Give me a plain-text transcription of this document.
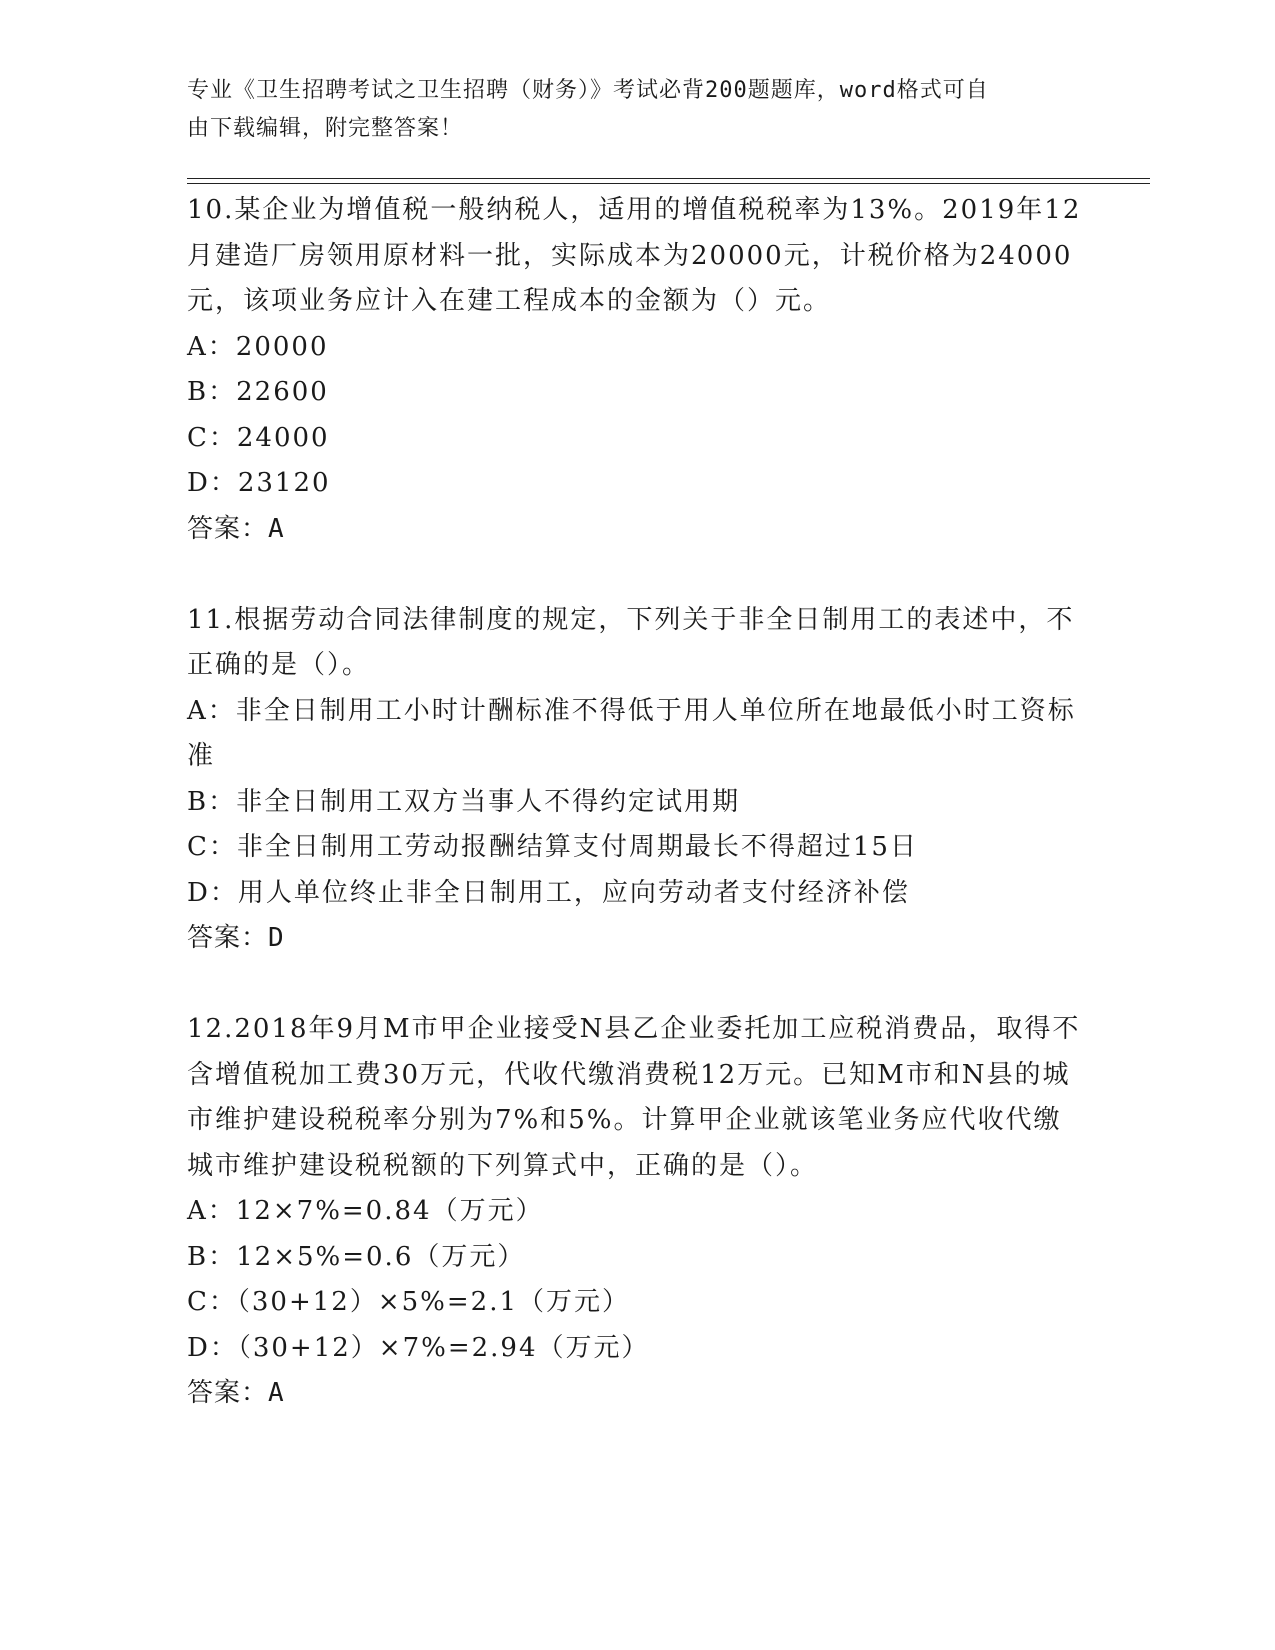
专业《卫生招聘考试之卫生招聘（财务）》考试必背200题题库，word格式可自
由下载编辑，附完整答案！

10.某企业为增值税一般纳税人，适用的增值税税率为13%。2019年12月建造厂房领用原材料一批，实际成本为20000元，计税价格为24000元，该项业务应计入在建工程成本的金额为（）元。

A：20000

B：22600

C：24000

D：23120

答案：A

11.根据劳动合同法律制度的规定，下列关于非全日制用工的表述中，不正确的是（）。

A：非全日制用工小时计酬标准不得低于用人单位所在地最低小时工资标准

B：非全日制用工双方当事人不得约定试用期

C：非全日制用工劳动报酬结算支付周期最长不得超过15日

D：用人单位终止非全日制用工，应向劳动者支付经济补偿

答案：D

12.2018年9月M市甲企业接受N县乙企业委托加工应税消费品，取得不含增值税加工费30万元，代收代缴消费税12万元。已知M市和N县的城市维护建设税税率分别为7%和5%。计算甲企业就该笔业务应代收代缴城市维护建设税税额的下列算式中，正确的是（）。

A：12×7%=0.84（万元）

B：12×5%=0.6（万元）

C：（30+12）×5%=2.1（万元）

D：（30+12）×7%=2.94（万元）

答案：A
